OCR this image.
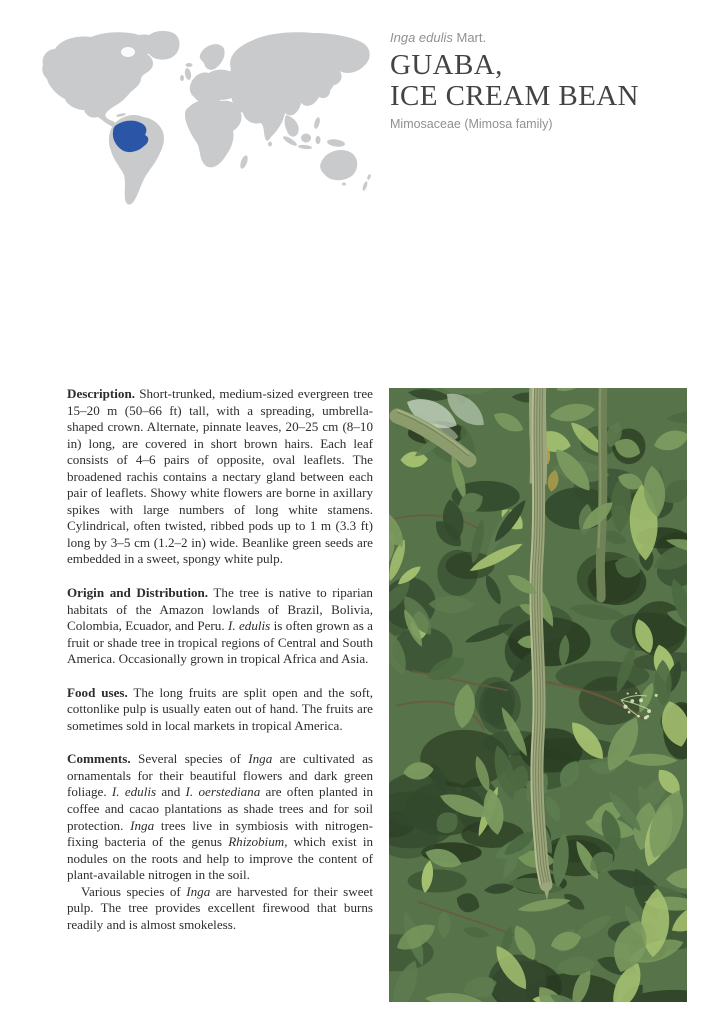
Inga edulis Mart.
GUABA,
ICE CREAM BEAN
Mimosaceae (Mimosa family)

Description. Short-trunked, medium-sized evergreen tree 15–20 m (50–66 ft) tall, with a spreading, umbrella-shaped crown. Alternate, pinnate leaves, 20–25 cm (8–10 in) long, are covered in short brown hairs. Each leaf consists of 4–6 pairs of opposite, oval leaflets. The broadened rachis contains a nectary gland between each pair of leaflets. Showy white flowers are borne in axillary spikes with large numbers of long white stamens. Cylindrical, often twisted, ribbed pods up to 1 m (3.3 ft) long by 3–5 cm (1.2–2 in) wide. Beanlike green seeds are embedded in a sweet, spongy white pulp.

Origin and Distribution. The tree is native to riparian habitats of the Amazon lowlands of Brazil, Bolivia, Colombia, Ecuador, and Peru. I. edulis is often grown as a fruit or shade tree in tropical regions of Central and South America. Occasionally grown in tropical Africa and Asia.

Food uses. The long fruits are split open and the soft, cottonlike pulp is usually eaten out of hand. The fruits are sometimes sold in local markets in tropical America.

Comments. Several species of Inga are cultivated as ornamentals for their beautiful flowers and dark green foliage. I. edulis and I. oerstediana are often planted in coffee and cacao plantations as shade trees and for soil protection. Inga trees live in symbiosis with nitrogen-fixing bacteria of the genus Rhizobium, which exist in nodules on the roots and help to improve the content of plant-available nitrogen in the soil.

Various species of Inga are harvested for their sweet pulp. The tree provides excellent firewood that burns readily and is almost smokeless.
